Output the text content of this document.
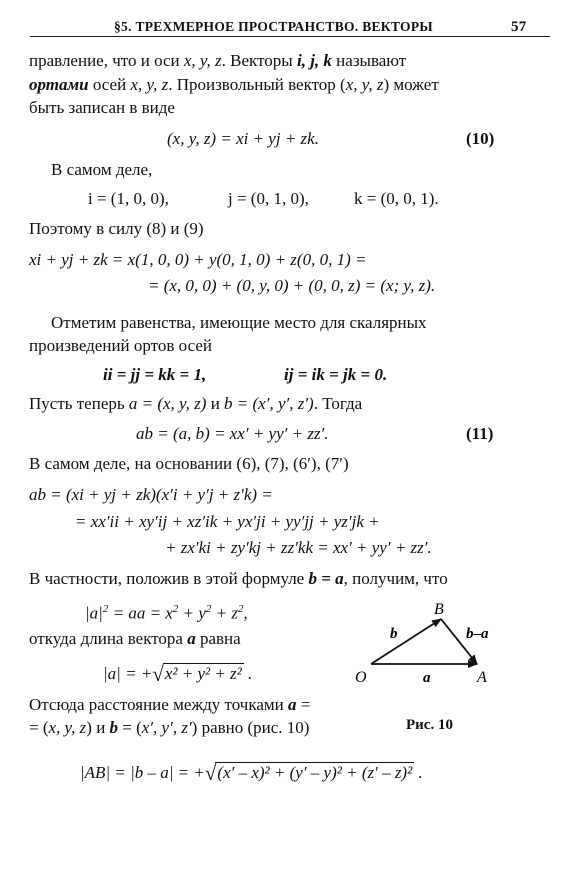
§5. ТРЕХМЕРНОЕ ПРОСТРАНСТВО. ВЕКТОРЫ	57
правление, что и оси x, y, z. Векторы i, j, k называют
ортами осей x, y, z. Произвольный вектор (x, y, z) может
быть записан в виде
(x, y, z) = xi + yj + zk.	(10)
В самом деле,
i = (1, 0, 0),	j = (0, 1, 0),	k = (0, 0, 1).
Поэтому в силу (8) и (9)
xi + yj + zk = x(1, 0, 0) + y(0, 1, 0) + z(0, 0, 1) =
= (x, 0, 0) + (0, y, 0) + (0, 0, z) = (x; y, z).
Отметим равенства, имеющие место для скалярных
произведений ортов осей
ii = jj = kk = 1,	ij = ik = jk = 0.
Пусть теперь a = (x, y, z) и b = (x′, y′, z′). Тогда
ab = (a, b) = xx′ + yy′ + zz′.	(11)
В самом деле, на основании (6), (7), (6′), (7′)
ab = (xi + yj + zk)(x′i + y′j + z′k) =
= xx′ii + xy′ij + xz′ik + yx′ji + yy′jj + yz′jk +
+ zx′ki + zy′kj + zz′kk = xx′ + yy′ + zz′.
В частности, положив в этой формуле b = a, получим, что
$|a|^2$ = aa = $x^2 + y^2 + z^2$,
откуда длина вектора a равна
|a| = +√x² + y² + z² .
Отсюда расстояние между точками a =
= (x, y, z) и b = (x′, y′, z′) равно (рис. 10)
O	A
B
a
b	b–a
Рис. 10
|AB| = |b – a| = +√(x′ – x)² + (y′ – y)² + (z′ – z)² .
